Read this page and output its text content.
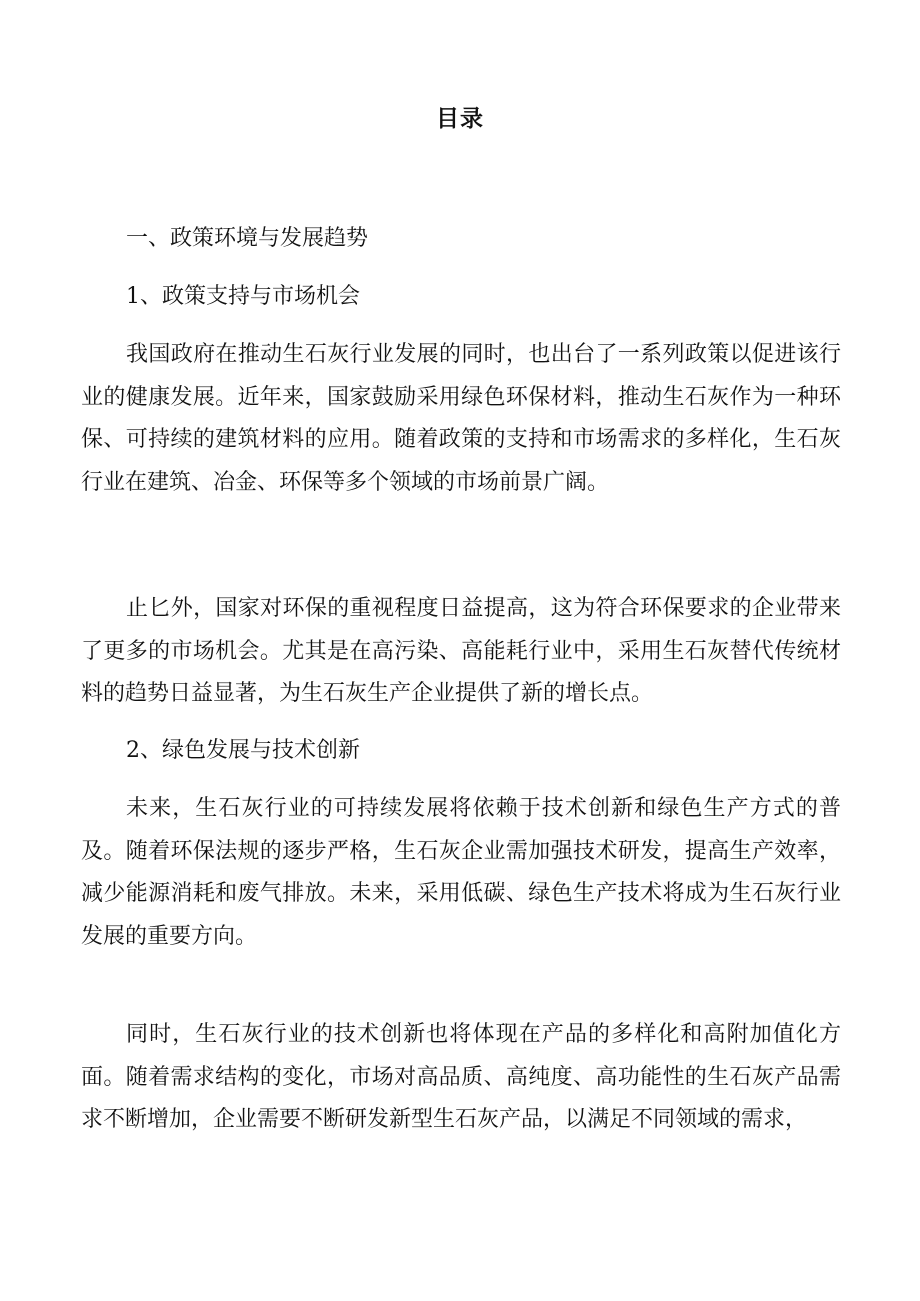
目录

一、政策环境与发展趋势

1、政策支持与市场机会

我国政府在推动生石灰行业发展的同时，也出台了一系列政策以促进该行业的健康发展。近年来，国家鼓励采用绿色环保材料，推动生石灰作为一种环保、可持续的建筑材料的应用。随着政策的支持和市场需求的多样化，生石灰行业在建筑、冶金、环保等多个领域的市场前景广阔。

止匕外，国家对环保的重视程度日益提高，这为符合环保要求的企业带来了更多的市场机会。尤其是在高污染、高能耗行业中，采用生石灰替代传统材料的趋势日益显著，为生石灰生产企业提供了新的增长点。

2、绿色发展与技术创新

未来，生石灰行业的可持续发展将依赖于技术创新和绿色生产方式的普及。随着环保法规的逐步严格，生石灰企业需加强技术研发，提高生产效率，减少能源消耗和废气排放。未来，采用低碳、绿色生产技术将成为生石灰行业发展的重要方向。

同时，生石灰行业的技术创新也将体现在产品的多样化和高附加值化方面。随着需求结构的变化，市场对高品质、高纯度、高功能性的生石灰产品需求不断增加，企业需要不断研发新型生石灰产品，以满足不同领域的需求，
